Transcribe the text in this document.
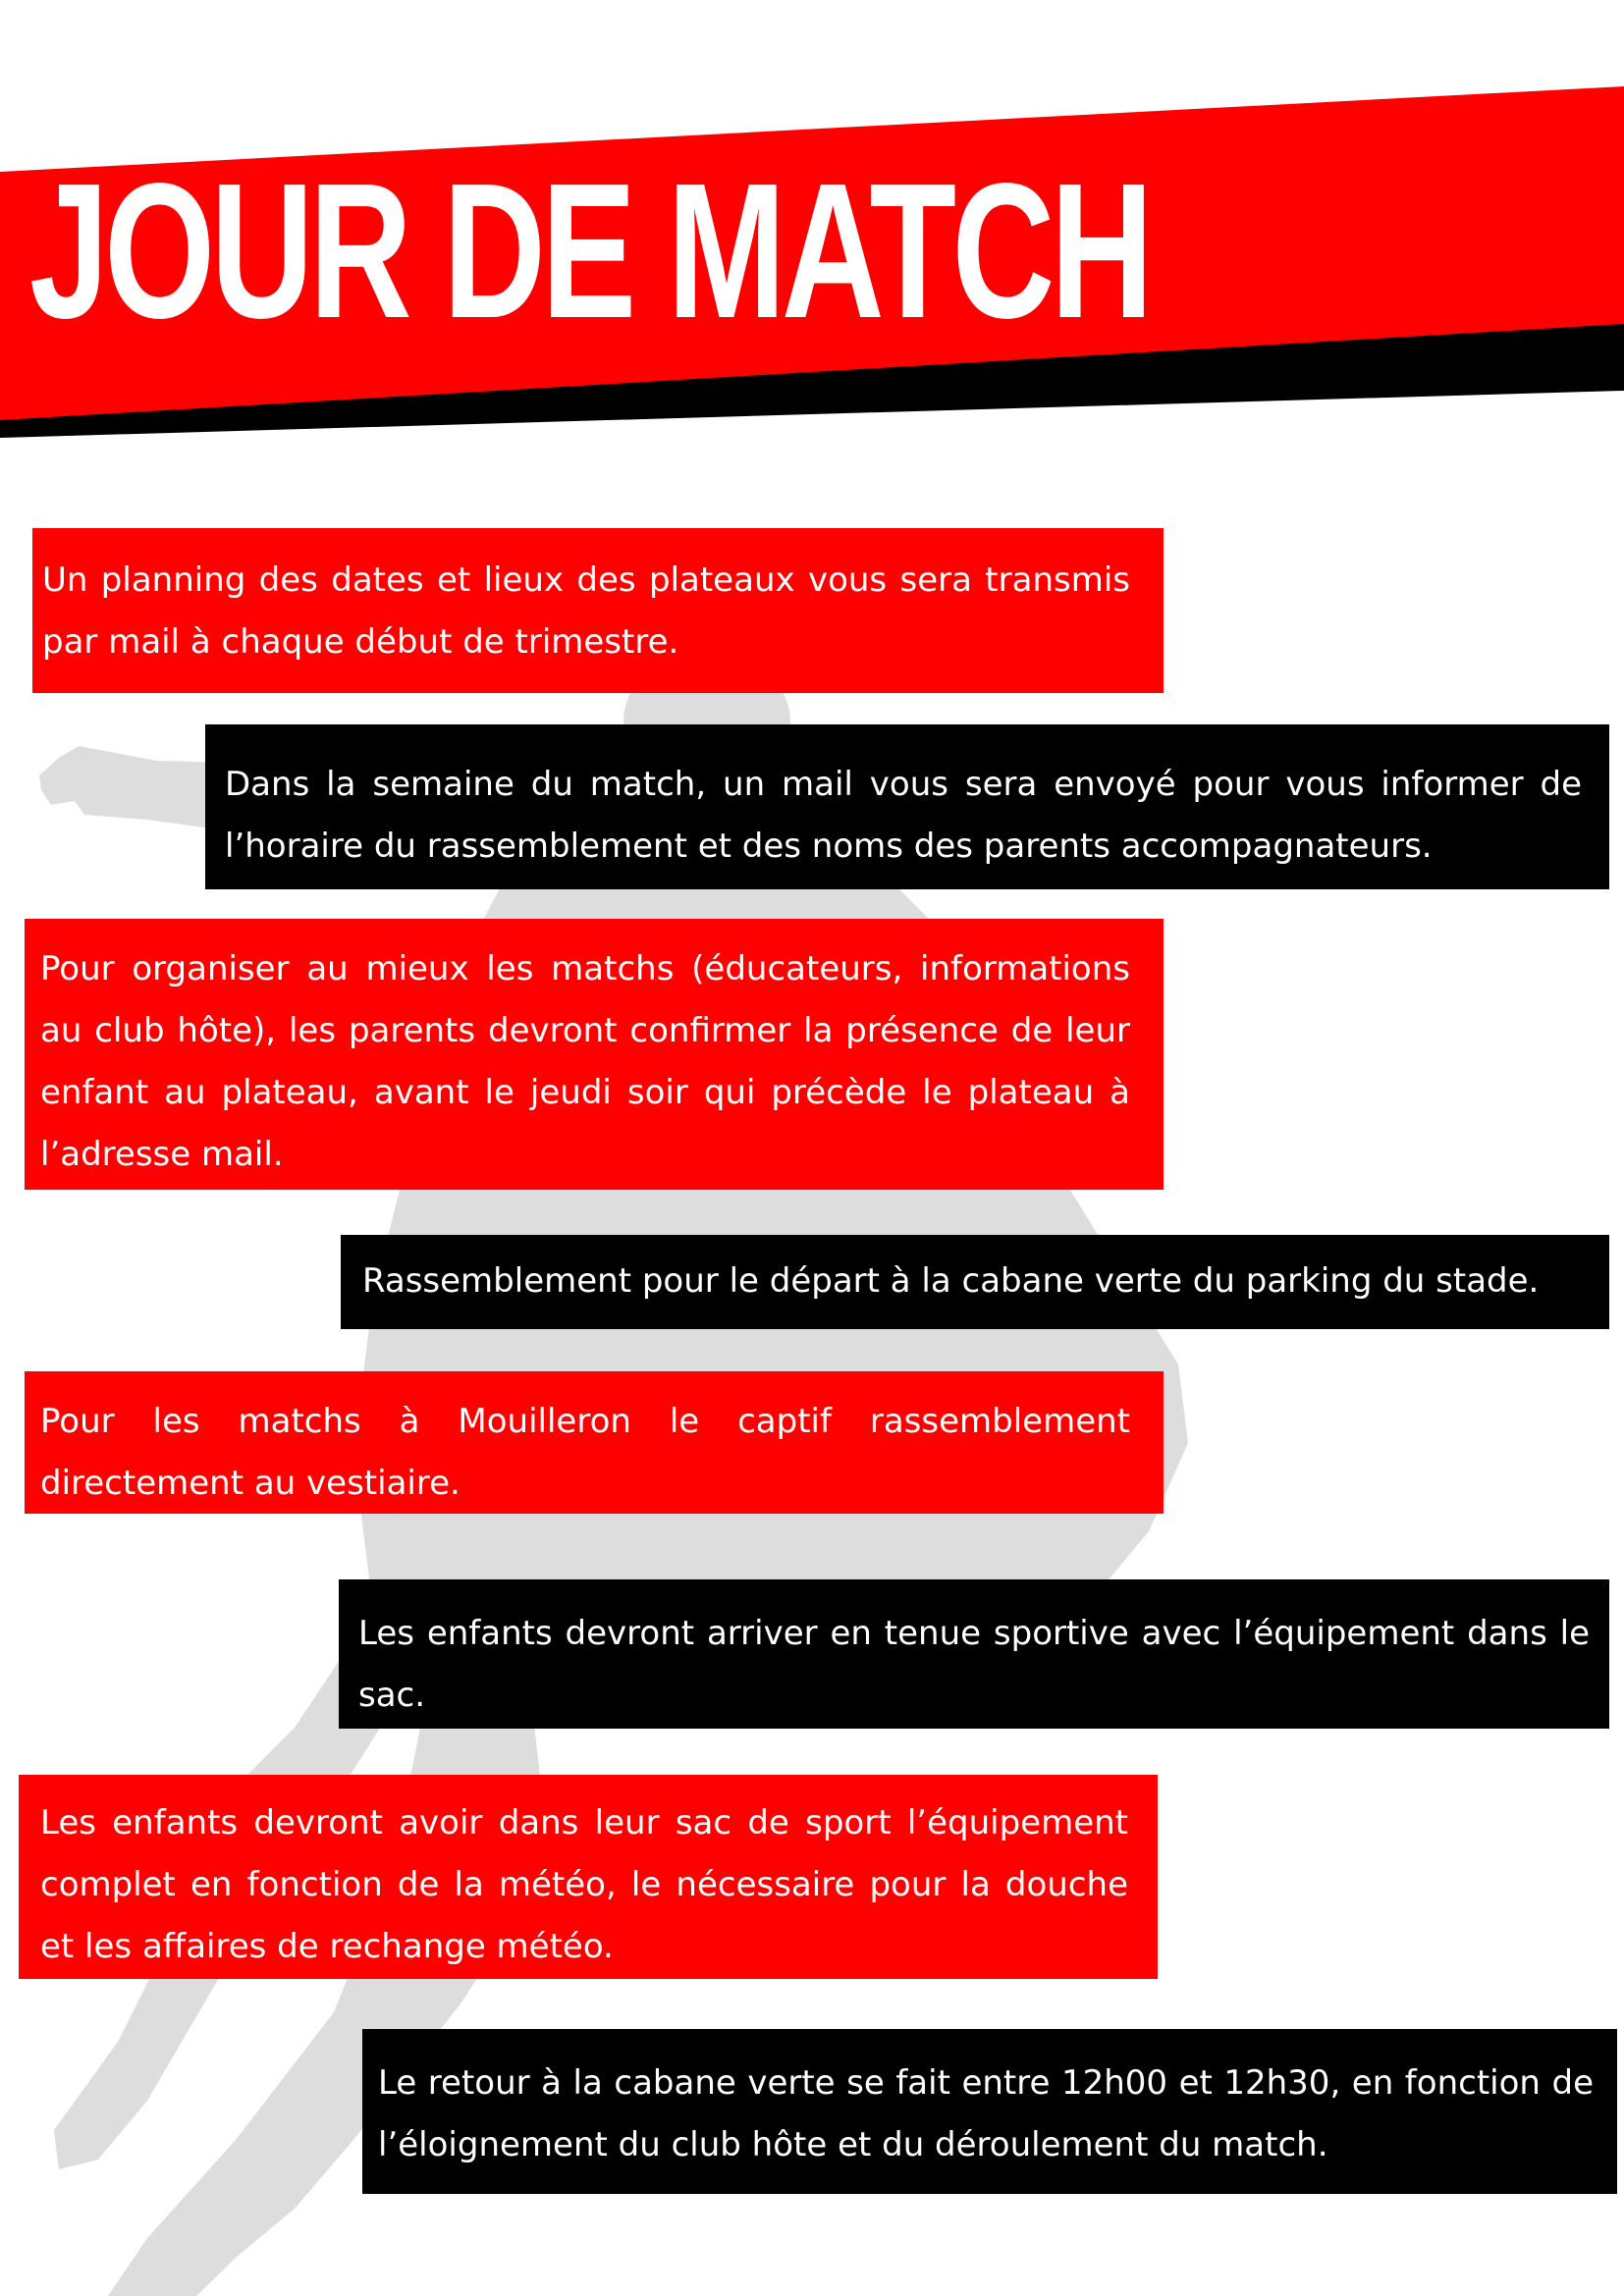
JOUR DE MATCH

Un planning des dates et lieux des plateaux vous sera transmis par mail à chaque début de trimestre.

Dans la semaine du match, un mail vous sera envoyé pour vous informer de l’horaire du rassemblement et des noms des parents accompagnateurs.

Pour organiser au mieux les matchs (éducateurs, informations au club hôte), les parents devront confirmer la présence de leur enfant au plateau, avant le jeudi soir qui précède le plateau à l’adresse mail.

Rassemblement pour le départ à la cabane verte du parking du stade.

Pour les matchs à Mouilleron le captif rassemblement directement au vestiaire.

Les enfants devront arriver en tenue sportive avec l’équipement dans le sac.

Les enfants devront avoir dans leur sac de sport l’équipement complet en fonction de la météo, le nécessaire pour la douche et les affaires de rechange météo.

Le retour à la cabane verte se fait entre 12h00 et 12h30, en fonction de l’éloignement du club hôte et du déroulement du match.
